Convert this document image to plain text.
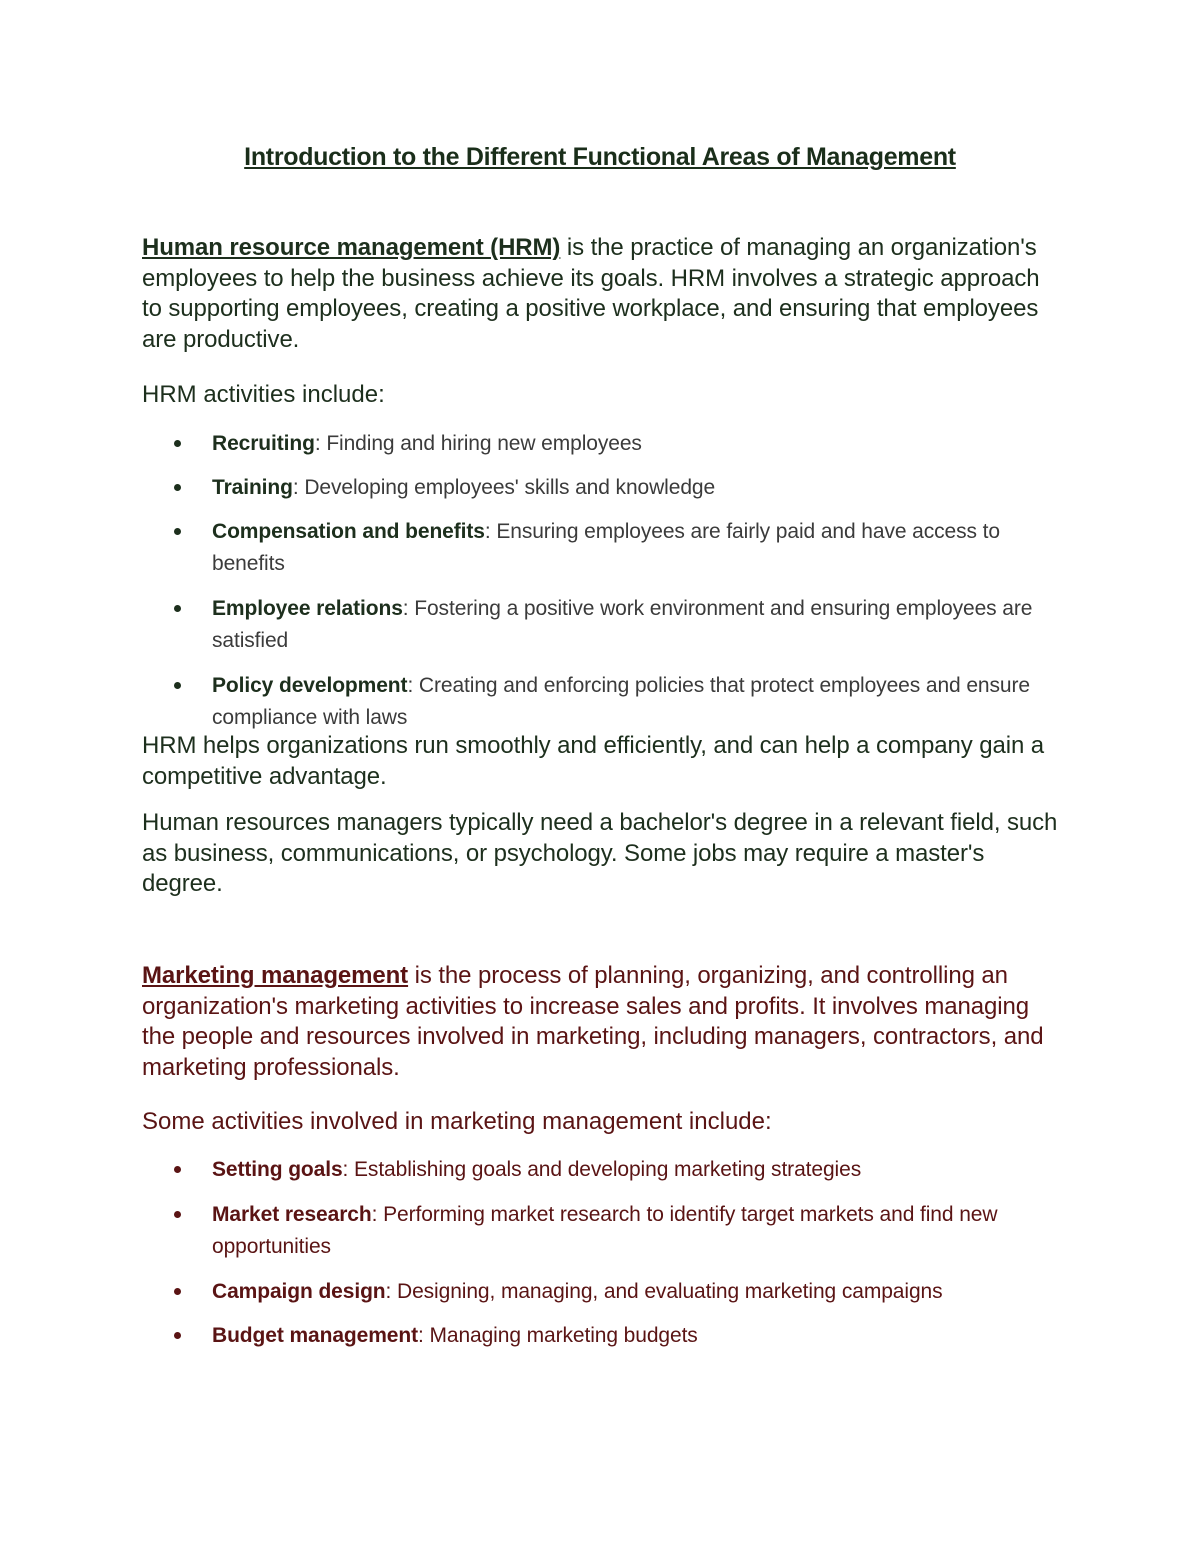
Introduction to the Different Functional Areas of Management
Human resource management (HRM) is the practice of managing an organization's employees to help the business achieve its goals. HRM involves a strategic approach to supporting employees, creating a positive workplace, and ensuring that employees are productive.
HRM activities include:
Recruiting: Finding and hiring new employees
Training: Developing employees' skills and knowledge
Compensation and benefits: Ensuring employees are fairly paid and have access to benefits
Employee relations: Fostering a positive work environment and ensuring employees are satisfied
Policy development: Creating and enforcing policies that protect employees and ensure compliance with laws
HRM helps organizations run smoothly and efficiently, and can help a company gain a competitive advantage.
Human resources managers typically need a bachelor's degree in a relevant field, such as business, communications, or psychology. Some jobs may require a master's degree.
Marketing management is the process of planning, organizing, and controlling an organization's marketing activities to increase sales and profits. It involves managing the people and resources involved in marketing, including managers, contractors, and marketing professionals.
Some activities involved in marketing management include:
Setting goals: Establishing goals and developing marketing strategies
Market research: Performing market research to identify target markets and find new opportunities
Campaign design: Designing, managing, and evaluating marketing campaigns
Budget management: Managing marketing budgets
